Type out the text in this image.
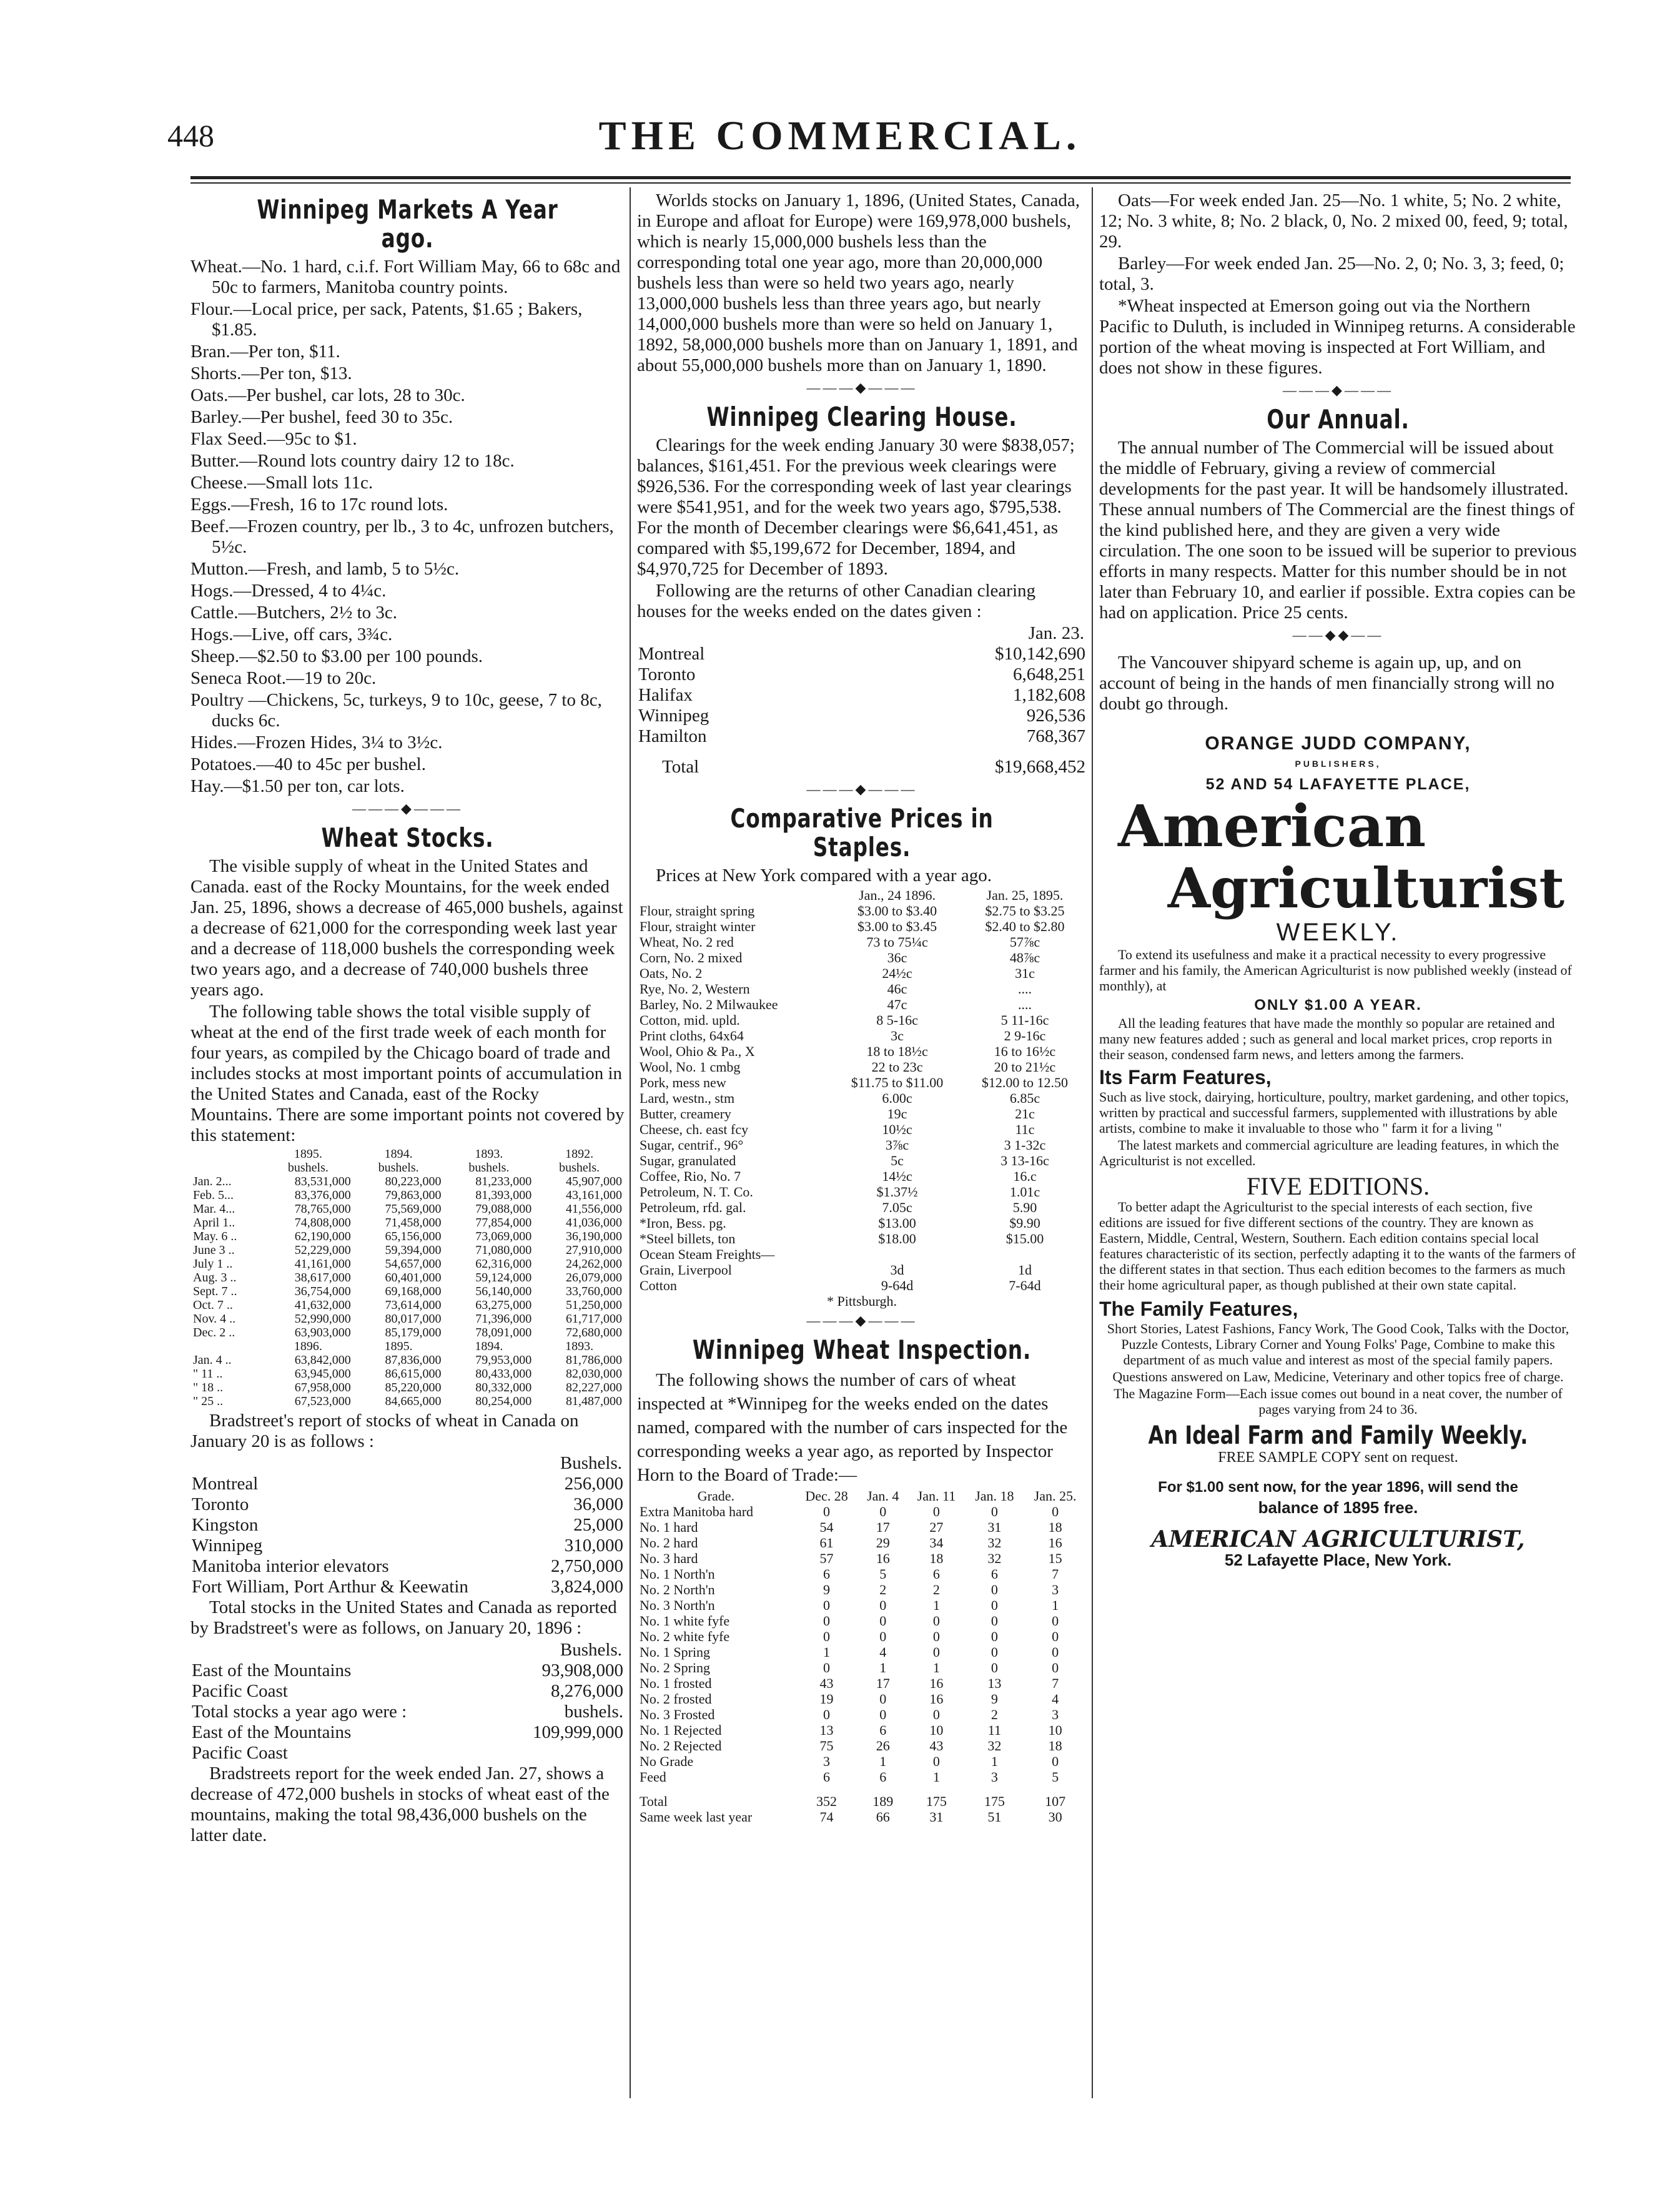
448	THE COMMERCIAL.
Winnipeg Markets A Year ago.

Wheat.—No. 1 hard, c.i.f. Fort William May, 66 to 68c and 50c to farmers, Manitoba country points.

Flour.—Local price, per sack, Patents, $1.65 ; Bakers, $1.85.

Bran.—Per ton, $11.

Shorts.—Per ton, $13.

Oats.—Per bushel, car lots, 28 to 30c.

Barley.—Per bushel, feed 30 to 35c.

Flax Seed.—95c to $1.

Butter.—Round lots country dairy 12 to 18c.

Cheese.—Small lots 11c.

Eggs.—Fresh, 16 to 17c round lots.

Beef.—Frozen country, per lb., 3 to 4c, unfrozen butchers, 5½c.

Mutton.—Fresh, and lamb, 5 to 5½c.

Hogs.—Dressed, 4 to 4¼c.

Cattle.—Butchers, 2½ to 3c.

Hogs.—Live, off cars, 3¾c.

Sheep.—$2.50 to $3.00 per 100 pounds.

Seneca Root.—19 to 20c.

Poultry —Chickens, 5c, turkeys, 9 to 10c, geese, 7 to 8c, ducks 6c.

Hides.—Frozen Hides, 3¼ to 3½c.

Potatoes.—40 to 45c per bushel.

Hay.—$1.50 per ton, car lots.

———◆———
Wheat Stocks.

The visible supply of wheat in the United States and Canada. east of the Rocky Mountains, for the week ended Jan. 25, 1896, shows a decrease of 465,000 bushels, against a decrease of 621,000 for the corresponding week last year and a decrease of 118,000 bushels the corresponding week two years ago, and a decrease of 740,000 bushels three years ago.

The following table shows the total visible supply of wheat at the end of the first trade week of each month for four years, as compiled by the Chicago board of trade and includes stocks at most important points of accumulation in the United States and Canada, east of the Rocky Mountains. There are some important points not covered by this statement:

	1895.	1894.	1893.	1892.
	bushels.	bushels.	bushels.	bushels.
Jan. 2...	83,531,000	80,223,000	81,233,000	45,907,000
Feb. 5...	83,376,000	79,863,000	81,393,000	43,161,000
Mar. 4...	78,765,000	75,569,000	79,088,000	41,556,000
April 1..	74,808,000	71,458,000	77,854,000	41,036,000
May. 6 ..	62,190,000	65,156,000	73,069,000	36,190,000
June 3 ..	52,229,000	59,394,000	71,080,000	27,910,000
July 1 ..	41,161,000	54,657,000	62,316,000	24,262,000
Aug. 3 ..	38,617,000	60,401,000	59,124,000	26,079,000
Sept. 7 ..	36,754,000	69,168,000	56,140,000	33,760,000
Oct. 7 ..	41,632,000	73,614,000	63,275,000	51,250,000
Nov. 4 ..	52,990,000	80,017,000	71,396,000	61,717,000
Dec. 2 ..	63,903,000	85,179,000	78,091,000	72,680,000
	1896.	1895.	1894.	1893.
Jan. 4 ..	63,842,000	87,836,000	79,953,000	81,786,000
" 11 ..	63,945,000	86,615,000	80,433,000	82,030,000
" 18 ..	67,958,000	85,220,000	80,332,000	82,227,000
" 25 ..	67,523,000	84,665,000	80,254,000	81,487,000

Bradstreet's report of stocks of wheat in Canada on January 20 is as follows :

	Bushels.
Montreal	256,000
Toronto	36,000
Kingston	25,000
Winnipeg	310,000
Manitoba interior elevators	2,750,000
Fort William, Port Arthur & Keewatin	3,824,000

Total stocks in the United States and Canada as reported by Bradstreet's were as follows, on January 20, 1896 :

	Bushels.
East of the Mountains	93,908,000
Pacific Coast	8,276,000
Total stocks a year ago were :	bushels.
East of the Mountains	109,999,000
Pacific Coast	

Bradstreets report for the week ended Jan. 27, shows a decrease of 472,000 bushels in stocks of wheat east of the mountains, making the total 98,436,000 bushels on the latter date.

Worlds stocks on January 1, 1896, (United States, Canada, in Europe and afloat for Europe) were 169,978,000 bushels, which is nearly 15,000,000 bushels less than the corresponding total one year ago, more than 20,000,000 bushels less than were so held two years ago, nearly 13,000,000 bushels less than three years ago, but nearly 14,000,000 bushels more than were so held on January 1, 1892, 58,000,000 bushels more than on January 1, 1891, and about 55,000,000 bushels more than on January 1, 1890.

———◆———
Winnipeg Clearing House.

Clearings for the week ending January 30 were $838,057; balances, $161,451. For the previous week clearings were $926,536. For the corresponding week of last year clearings were $541,951, and for the week two years ago, $795,538. For the month of December clearings were $6,641,451, as compared with $5,199,672 for December, 1894, and $4,970,725 for December of 1893.

Following are the returns of other Canadian clearing houses for the weeks ended on the dates given :

	Jan. 23.
Montreal	$10,142,690
Toronto	6,648,251
Halifax	1,182,608
Winnipeg	926,536
Hamilton	768,367
Total	$19,668,452
———◆———
Comparative Prices in Staples.

Prices at New York compared with a year ago.

	Jan., 24 1896.	Jan. 25, 1895.
Flour, straight spring	$3.00 to $3.40	$2.75 to $3.25
Flour, straight winter	$3.00 to $3.45	$2.40 to $2.80
Wheat, No. 2 red	73 to 75¼c	57⅞c
Corn, No. 2 mixed	36c	48⅞c
Oats, No. 2	24½c	31c
Rye, No. 2, Western	46c	....
Barley, No. 2 Milwaukee	47c	....
Cotton, mid. upld.	8 5-16c	5 11-16c
Print cloths, 64x64	3c	2 9-16c
Wool, Ohio & Pa., X	18 to 18½c	16 to 16½c
Wool, No. 1 cmbg	22 to 23c	20 to 21½c
Pork, mess new	$11.75 to $11.00	$12.00 to 12.50
Lard, westn., stm	6.00c	6.85c
Butter, creamery	19c	21c
Cheese, ch. east fcy	10½c	11c
Sugar, centrif., 96°	3⅞c	3 1-32c
Sugar, granulated	5c	3 13-16c
Coffee, Rio, No. 7	14½c	16.c
Petroleum, N. T. Co.	$1.37½	1.01c
Petroleum, rfd. gal.	7.05c	5.90
*Iron, Bess. pg.	$13.00	$9.90
*Steel billets, ton	$18.00	$15.00
Ocean Steam Freights—		
Grain, Liverpool	3d	1d
Cotton	9-64d	7-64d
* Pittsburgh.
———◆———
Winnipeg Wheat Inspection.

The following shows the number of cars of wheat inspected at *Winnipeg for the weeks ended on the dates named, compared with the number of cars inspected for the corresponding weeks a year ago, as reported by Inspector Horn to the Board of Trade:—

Grade.	Dec. 28	Jan. 4	Jan. 11	Jan. 18	Jan. 25.
Extra Manitoba hard	0	0	0	0	0
No. 1 hard	54	17	27	31	18
No. 2 hard	61	29	34	32	16
No. 3 hard	57	16	18	32	15
No. 1 North'n	6	5	6	6	7
No. 2 North'n	9	2	2	0	3
No. 3 North'n	0	0	1	0	1
No. 1 white fyfe	0	0	0	0	0
No. 2 white fyfe	0	0	0	0	0
No. 1 Spring	1	4	0	0	0
No. 2 Spring	0	1	1	0	0
No. 1 frosted	43	17	16	13	7
No. 2 frosted	19	0	16	9	4
No. 3 Frosted	0	0	0	2	3
No. 1 Rejected	13	6	10	11	10
No. 2 Rejected	75	26	43	32	18
No Grade	3	1	0	1	0
Feed	6	6	1	3	5
Total	352	189	175	175	107
Same week last year	74	66	31	51	30

Oats—For week ended Jan. 25—No. 1 white, 5; No. 2 white, 12; No. 3 white, 8; No. 2 black, 0, No. 2 mixed 00, feed, 9; total, 29.

Barley—For week ended Jan. 25—No. 2, 0; No. 3, 3; feed, 0; total, 3.

*Wheat inspected at Emerson going out via the Northern Pacific to Duluth, is included in Winnipeg returns. A considerable portion of the wheat moving is inspected at Fort William, and does not show in these figures.

———◆———
Our Annual.

The annual number of The Commercial will be issued about the middle of February, giving a review of commercial developments for the past year. It will be handsomely illustrated. These annual numbers of The Commercial are the finest things of the kind published here, and they are given a very wide circulation. The one soon to be issued will be superior to previous efforts in many respects. Matter for this number should be in not later than February 10, and earlier if possible. Extra copies can be had on application. Price 25 cents.

——◆◆——

The Vancouver shipyard scheme is again up, up, and on account of being in the hands of men financially strong will no doubt go through.

ORANGE JUDD COMPANY,
PUBLISHERS,
52 AND 54 LAFAYETTE PLACE,
American
Agriculturist
WEEKLY.

To extend its usefulness and make it a practical necessity to every progressive farmer and his family, the American Agriculturist is now published weekly (instead of monthly), at

ONLY $1.00 A YEAR.

All the leading features that have made the monthly so popular are retained and many new features added ; such as general and local market prices, crop reports in their season, condensed farm news, and letters among the farmers.

Its Farm Features,

Such as live stock, dairying, horticulture, poultry, market gardening, and other topics, written by practical and successful farmers, supplemented with illustrations by able artists, combine to make it invaluable to those who " farm it for a living "

The latest markets and commercial agriculture are leading features, in which the Agriculturist is not excelled.

FIVE EDITIONS.

To better adapt the Agriculturist to the special interests of each section, five editions are issued for five different sections of the country. They are known as Eastern, Middle, Central, Western, Southern. Each edition contains special local features characteristic of its section, perfectly adapting it to the wants of the farmers of the different states in that section. Thus each edition becomes to the farmers as much their home agricultural paper, as though published at their own state capital.

The Family Features,

Short Stories, Latest Fashions, Fancy Work, The Good Cook, Talks with the Doctor, Puzzle Contests, Library Corner and Young Folks' Page, Combine to make this department of as much value and interest as most of the special family papers.

Questions answered on Law, Medicine, Veterinary and other topics free of charge.

The Magazine Form—Each issue comes out bound in a neat cover, the number of pages varying from 24 to 36.

An Ideal Farm and Family Weekly.
FREE SAMPLE COPY sent on request.
For $1.00 sent now, for the year 1896, will send the
balance of 1895 free.
AMERICAN AGRICULTURIST,
52 Lafayette Place, New York.
